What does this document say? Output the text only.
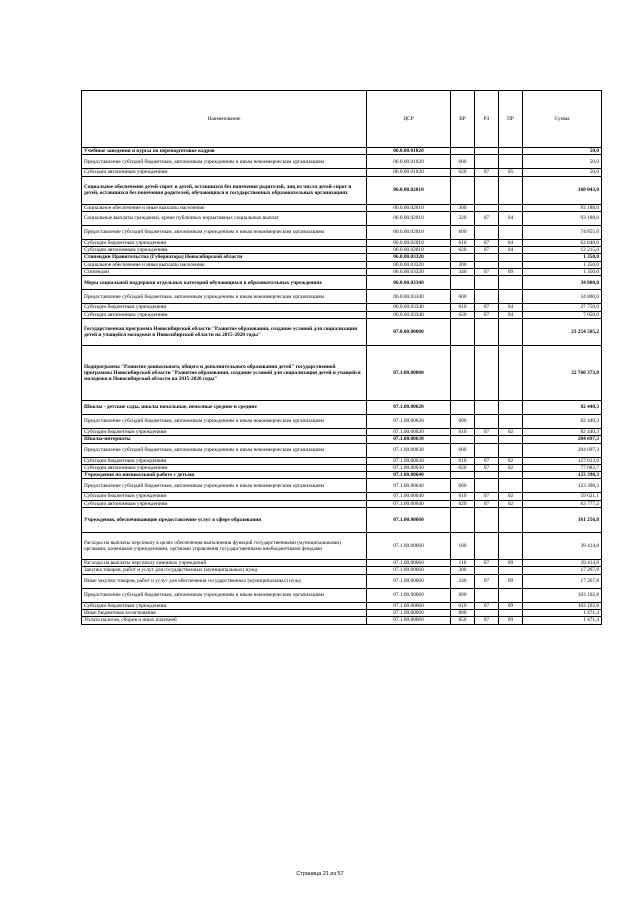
Наименование	ЦСР	ВР	РЗ	ПР	Сумма
Учебные заведения и курсы по переподготовке кадров	06.0.00.01020				50,0
Предоставление субсидий бюджетным, автономным учреждениям и иным некоммерческим организациям	06.0.00.01020	600			50,0
Субсидии автономным учреждениям	06.0.00.01020	620	07	05	50,0
Социальное обеспечение детей-сирот и детей, оставшихся без попечения родителей, лиц из числа детей-сирот и детей, оставшихся без попечения родителей, обучающихся в государственных образовательных организациях	06.0.00.02010				168 043,0
Социальное обеспечение и иные выплаты населению	06.0.00.02010	300			93 188,0
Социальные выплаты гражданам, кроме публичных нормативных социальных выплат	06.0.00.02010	320	07	04	93 188,0
Предоставление субсидий бюджетным, автономным учреждениям и иным некоммерческим организациям	06.0.00.02010	600			74 855,0
Субсидии бюджетным учреждениям	06.0.00.02010	610	07	04	62 640,0
Субсидии автономным учреждениям	06.0.00.02010	620	07	04	12 215,0
Стипендии Правительства (Губернатора) Новосибирской области	06.0.00.03320				1 350,0
Социальное обеспечение и иные выплаты населению	06.0.00.03320	300			1 350,0
Стипендии	06.0.00.03320	340	07	09	1 350,0
Меры социальной поддержки отдельных категорий обучающихся в образовательных учреждениях	06.0.00.03340				34 800,0
Предоставление субсидий бюджетным, автономным учреждениям и иным некоммерческим организациям	06.0.00.03340	600			34 800,0
Субсидии бюджетным учреждениям	06.0.00.03340	610	07	04	27 750,0
Субсидии автономным учреждениям	06.0.00.03340	620	07	04	7 050,0
Государственная программа Новосибирской области "Развитие образования, создание условий для социализации детей и учащейся молодежи в Новосибирской области на 2015-2020 годы"	07.0.00.00000				23 254 505,2
Подпрограмма "Развитие дошкольного, общего и дополнительного образования детей" государственной программы Новосибирской области "Развитие образования, создание условий для социализации детей и учащейся молодежи в Новосибирской области на 2015-2020 годы"	07.1.00.00000				22 760 373,0
Школы - детские сады, школы начальные, неполные средние и средние	07.1.00.00620				82 440,3
Предоставление субсидий бюджетным, автономным учреждениям и иным некоммерческим организациям	07.1.00.00620	600			82 440,3
Субсидии бюджетным учреждениям	07.1.00.00620	610	07	02	82 440,3
Школы-интернаты	07.1.00.00630				204 697,3
Предоставление субсидий бюджетным, автономным учреждениям и иным некоммерческим организациям	07.1.00.00630	600			204 697,3
Субсидии бюджетным учреждениям	07.1.00.00630	610	07	02	127 013,6
Субсидии автономным учреждениям	07.1.00.00630	620	07	02	77 683,7
Учреждения по внешкольной работе с детьми	07.1.00.00640				123 398,3
Предоставление субсидий бюджетным, автономным учреждениям и иным некоммерческим организациям	07.1.00.00640	600			123 398,3
Субсидии бюджетным учреждениям	07.1.00.00640	610	07	02	59 621,1
Субсидии автономным учреждениям	07.1.00.00640	620	07	02	63 777,2
Учреждения, обеспечивающие предоставление услуг в сфере образования	07.1.00.00660				161 256,8
Расходы на выплаты персоналу в целях обеспечения выполнения функций государственными (муниципальными) органами, казенными учреждениями, органами управления государственными внебюджетными фондами	07.1.00.00660	100			39 414,8
Расходы на выплаты персоналу казенных учреждений	07.1.00.00660	110	07	09	39 414,8
Закупка товаров, работ и услуг для государственных (муниципальных) нужд	07.1.00.00660	200			17 267,8
Иные закупки товаров, работ и услуг для обеспечения государственных (муниципальных) нужд	07.1.00.00660	240	07	09	17 267,8
Предоставление субсидий бюджетным, автономным учреждениям и иным некоммерческим организациям	07.1.00.00660	600			103 102,8
Субсидии бюджетным учреждениям	07.1.00.00660	610	07	09	103 102,8
Иные бюджетные ассигнования	07.1.00.00660	800			1 471,4
Уплата налогов, сборов и иных платежей	07.1.00.00660	850	07	09	1 471,4
Страница 21 из 57
